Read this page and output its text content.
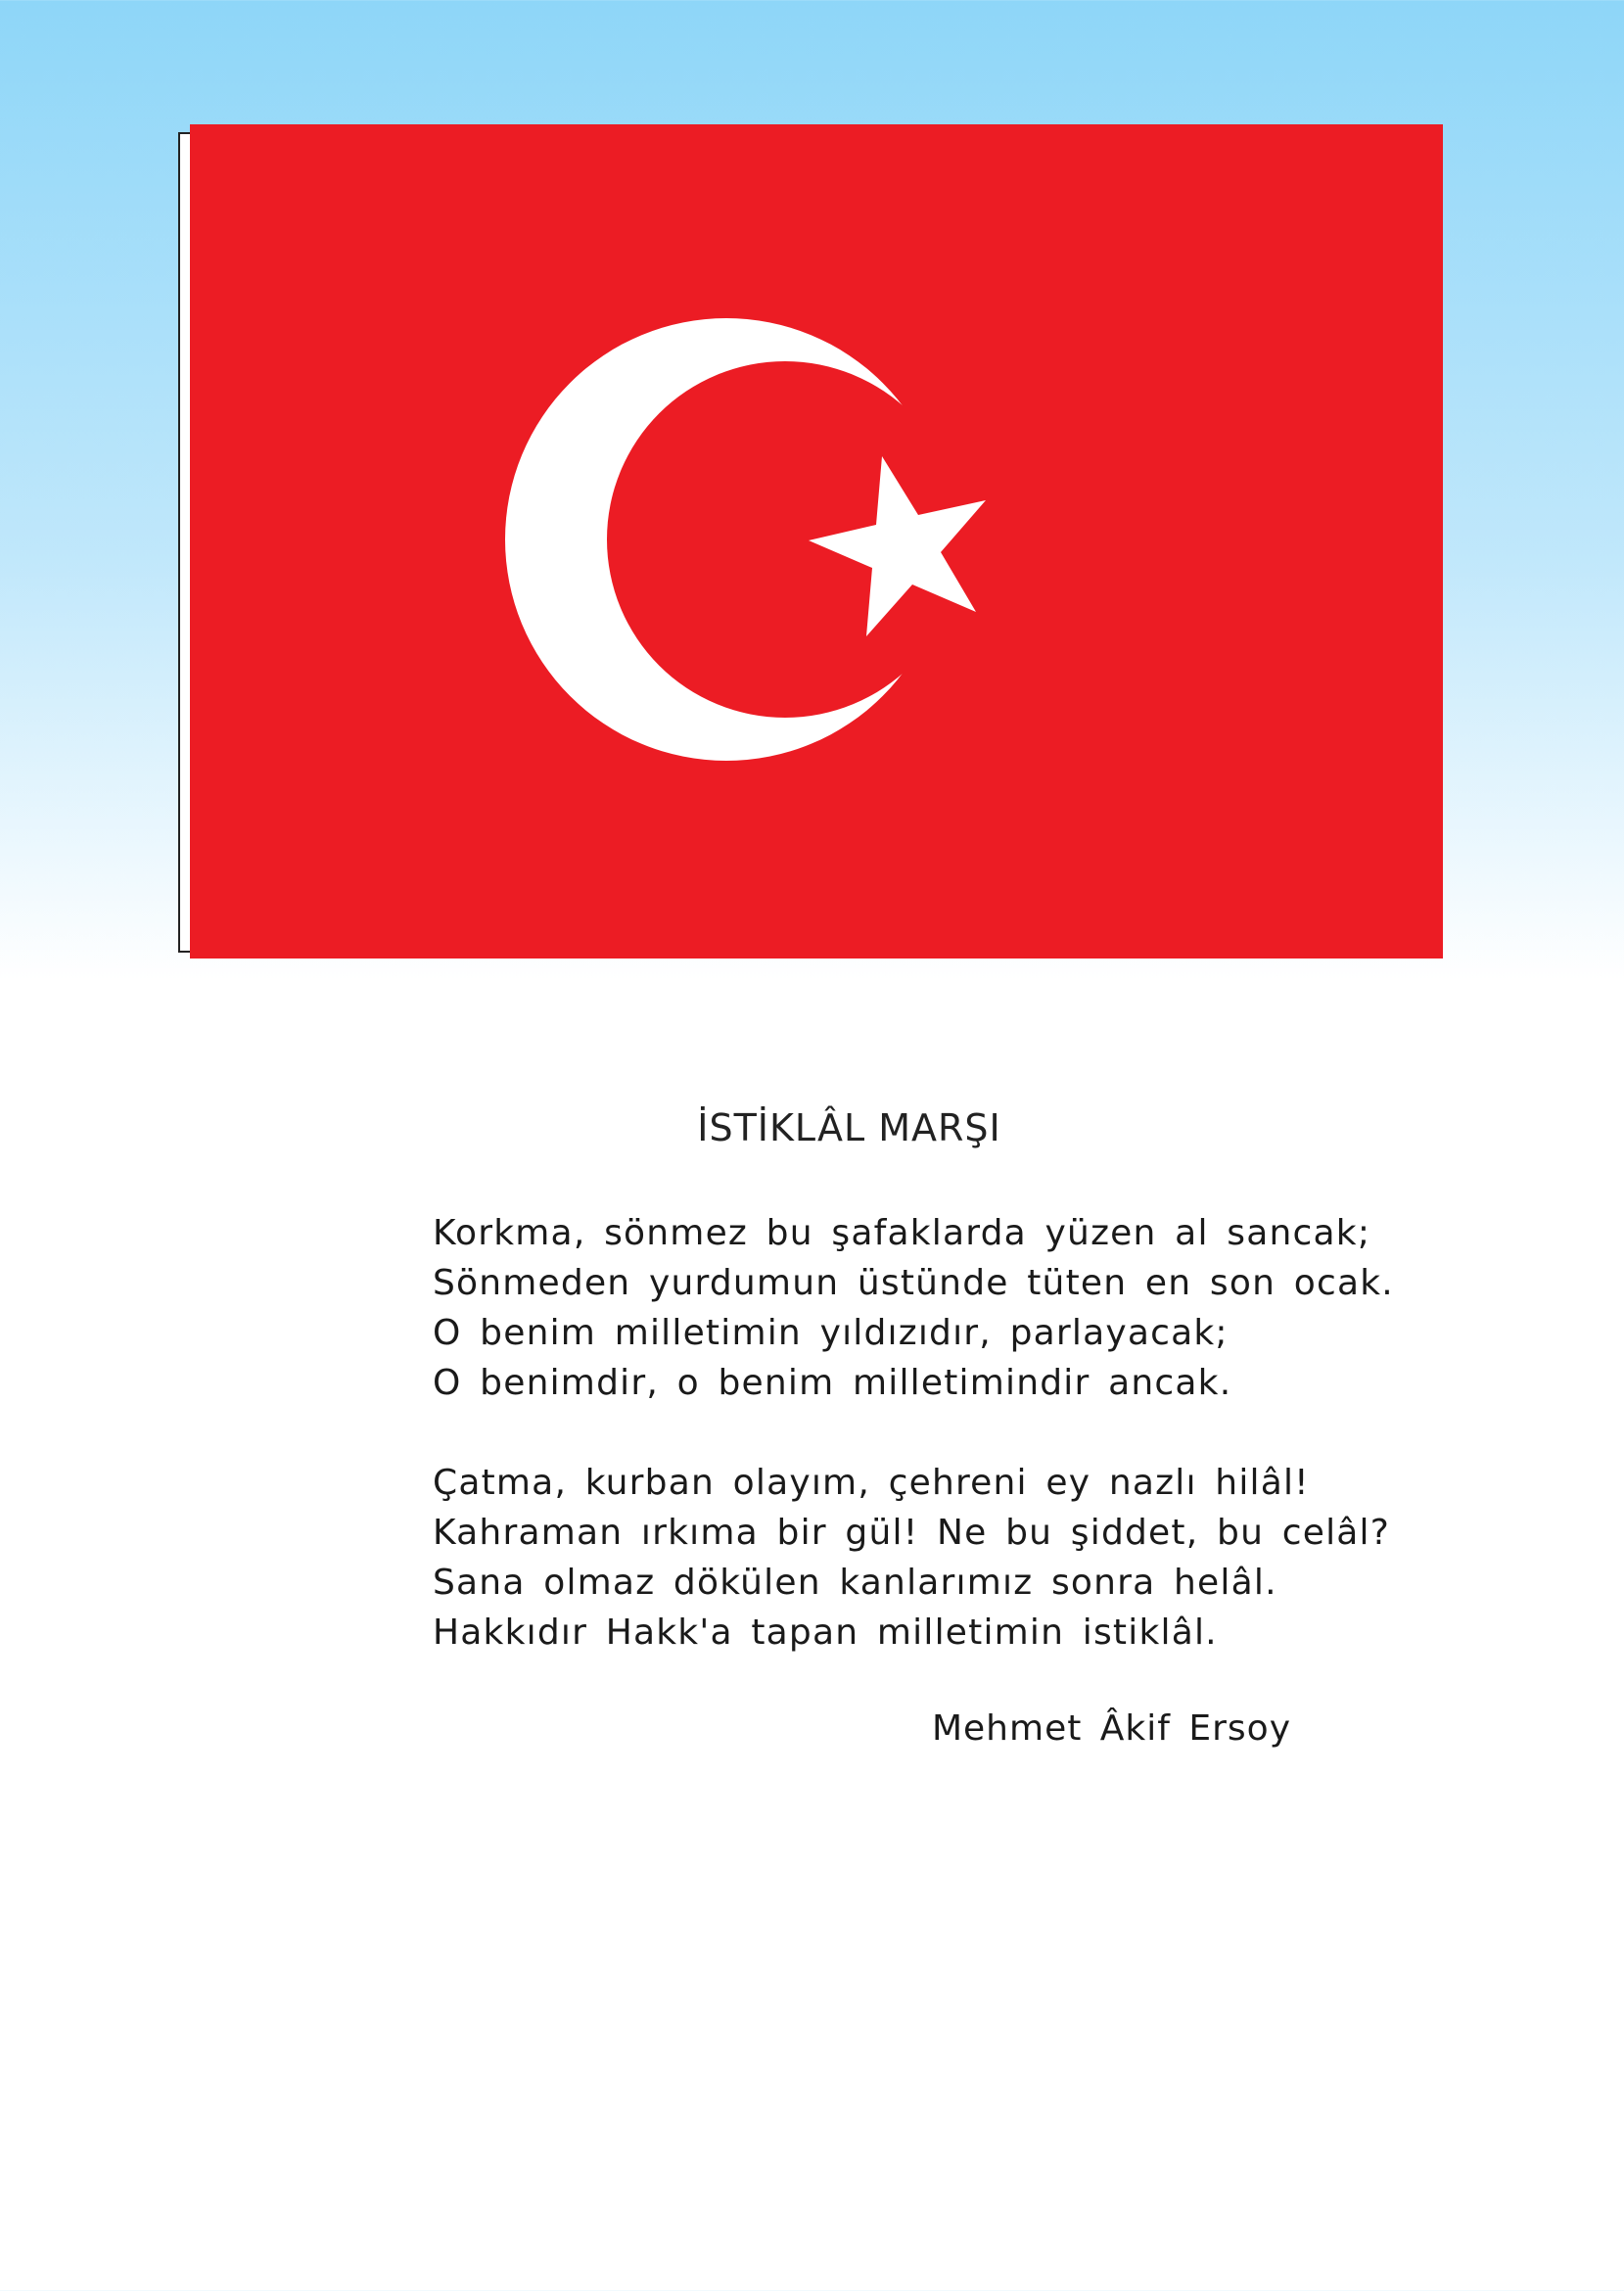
İSTİKLÂL MARŞI
Korkma, sönmez bu şafaklarda yüzen al sancak;
Sönmeden yurdumun üstünde tüten en son ocak.
O benim milletimin yıldızıdır, parlayacak;
O benimdir, o benim milletimindir ancak.
Çatma, kurban olayım, çehreni ey nazlı hilâl!
Kahraman ırkıma bir gül! Ne bu şiddet, bu celâl?
Sana olmaz dökülen kanlarımız sonra helâl.
Hakkıdır Hakk'a tapan milletimin istiklâl.
Mehmet Âkif Ersoy
